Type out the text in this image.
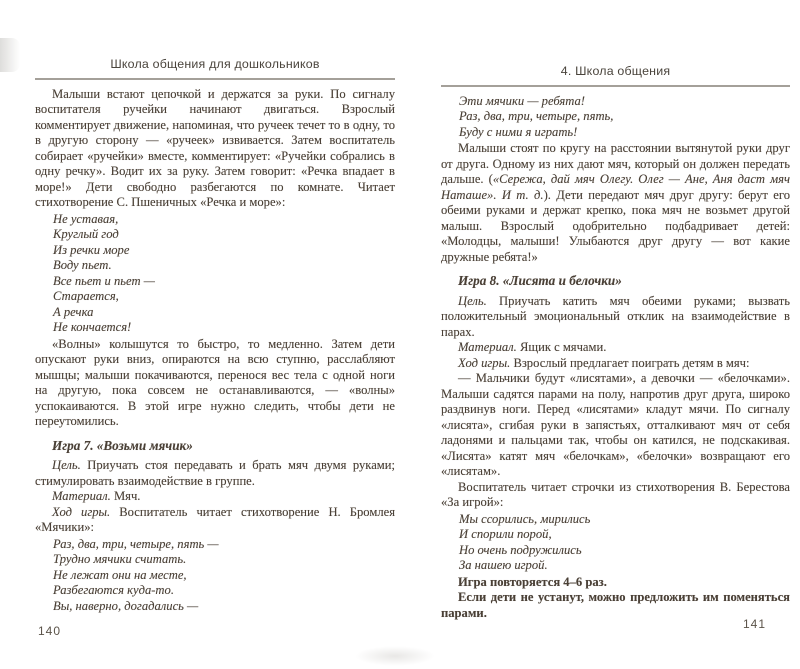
Школа общения для дошкольников

Малыши встают цепочкой и держатся за руки. По сигналу воспитателя ручейки начинают двигаться. Взрослый комментирует движение, напоминая, что ручеек течет то в одну, то в другую сторону — «ручеек» извивается. Затем воспитатель собирает «ручейки» вместе, комментирует: «Ручейки собрались в одну речку». Водит их за руку. Затем говорит: «Речка впадает в море!» Дети свободно разбегаются по комнате. Читает стихотворение С. Пшеничных «Речка и море»:

Не уставая,
Круглый год
Из речки море
Воду пьет.
Все пьет и пьет —
Старается,
А речка
Не кончается!

«Волны» колышутся то быстро, то медленно. Затем дети опускают руки вниз, опираются на всю ступню, расслабляют мышцы; малыши покачиваются, перенося вес тела с одной ноги на другую, пока совсем не останавливаются, — «волны» успокаиваются. В этой игре нужно следить, чтобы дети не переутомились.

Игра 7. «Возьми мячик»

Цель. Приучать стоя передавать и брать мяч двумя руками; стимулировать взаимодействие в группе.

Материал. Мяч.

Ход игры. Воспитатель читает стихотворение Н. Бромлея «Мячики»:

Раз, два, три, четыре, пять —
Трудно мячики считать.
Не лежат они на месте,
Разбегаются куда-то.
Вы, наверно, догадались —
4. Школа общения
Эти мячики — ребята!
Раз, два, три, четыре, пять,
Буду с ними я играть!

Малыши стоят по кругу на расстоянии вытянутой руки друг от друга. Одному из них дают мяч, который он должен передать дальше. («Сережа, дай мяч Олегу. Олег — Ане, Аня даст мяч Наташе». И т. д.). Дети передают мяч друг другу: берут его обеими руками и держат крепко, пока мяч не возьмет другой малыш. Взрослый одобрительно подбадривает детей: «Молодцы, малыши! Улыбаются друг другу — вот какие дружные ребята!»

Игра 8. «Лисята и белочки»

Цель. Приучать катить мяч обеими руками; вызвать положительный эмоциональный отклик на взаимодействие в парах.

Материал. Ящик с мячами.

Ход игры. Взрослый предлагает поиграть детям в мяч:

— Мальчики будут «лисятами», а девочки — «белочками». Малыши садятся парами на полу, напротив друг друга, широко раздвинув ноги. Перед «лисятами» кладут мячи. По сигналу «лисята», сгибая руки в запястьях, отталкивают мяч от себя ладонями и пальцами так, чтобы он катился, не подскакивая. «Лисята» катят мяч «белочкам», «белочки» возвращают его «лисятам».

Воспитатель читает строчки из стихотворения В. Берестова «За игрой»:

Мы ссорились, мирились
И спорили порой,
Но очень подружились
За нашею игрой.

Игра повторяется 4–6 раз.

Если дети не устанут, можно предложить им поменяться парами.

140	141
